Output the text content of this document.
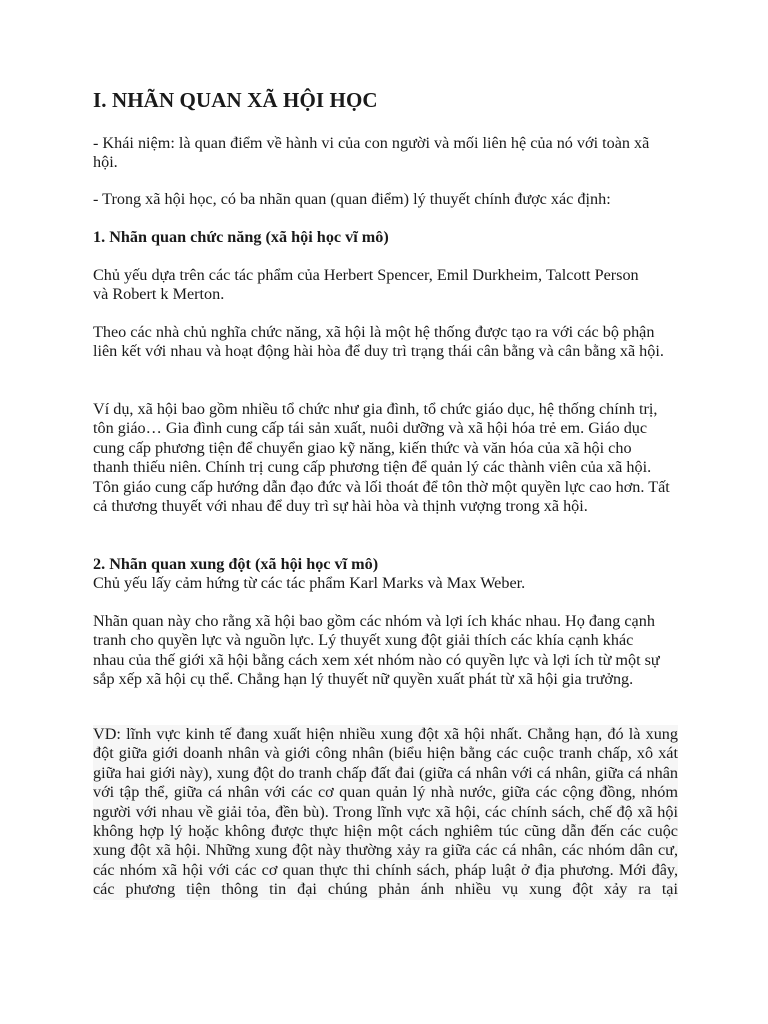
I. NHÃN QUAN XÃ HỘI HỌC

- Khái niệm: là quan điểm về hành vi của con người và mối liên hệ của nó với toàn xã hội.

- Trong xã hội học, có ba nhãn quan (quan điểm) lý thuyết chính được xác định:

1. Nhãn quan chức năng (xã hội học vĩ mô)

Chủ yếu dựa trên các tác phẩm của Herbert Spencer, Emil Durkheim, Talcott Person và Robert k Merton.

Theo các nhà chủ nghĩa chức năng, xã hội là một hệ thống được tạo ra với các bộ phận liên kết với nhau và hoạt động hài hòa để duy trì trạng thái cân bằng và cân bằng xã hội.

Ví dụ, xã hội bao gồm nhiều tổ chức như gia đình, tổ chức giáo dục, hệ thống chính trị, tôn giáo… Gia đình cung cấp tái sản xuất, nuôi dưỡng và xã hội hóa trẻ em. Giáo dục cung cấp phương tiện để chuyển giao kỹ năng, kiến thức và văn hóa của xã hội cho thanh thiếu niên. Chính trị cung cấp phương tiện để quản lý các thành viên của xã hội. Tôn giáo cung cấp hướng dẫn đạo đức và lối thoát để tôn thờ một quyền lực cao hơn. Tất cả thương thuyết với nhau để duy trì sự hài hòa và thịnh vượng trong xã hội.

2. Nhãn quan xung đột (xã hội học vĩ mô)

Chủ yếu lấy cảm hứng từ các tác phẩm Karl Marks và Max Weber.

Nhãn quan này cho rằng xã hội bao gồm các nhóm và lợi ích khác nhau. Họ đang cạnh tranh cho quyền lực và nguồn lực. Lý thuyết xung đột giải thích các khía cạnh khác nhau của thế giới xã hội bằng cách xem xét nhóm nào có quyền lực và lợi ích từ một sự sắp xếp xã hội cụ thể. Chẳng hạn lý thuyết nữ quyền xuất phát từ xã hội gia trưởng.

VD: lĩnh vực kinh tế đang xuất hiện nhiều xung đột xã hội nhất. Chẳng hạn, đó là xung đột giữa giới doanh nhân và giới công nhân (biểu hiện bằng các cuộc tranh chấp, xô xát giữa hai giới này), xung đột do tranh chấp đất đai (giữa cá nhân với cá nhân, giữa cá nhân với tập thể, giữa cá nhân với các cơ quan quản lý nhà nước, giữa các cộng đồng, nhóm người với nhau về giải tỏa, đền bù). Trong lĩnh vực xã hội, các chính sách, chế độ xã hội không hợp lý hoặc không được thực hiện một cách nghiêm túc cũng dẫn đến các cuộc xung đột xã hội. Những xung đột này thường xảy ra giữa các cá nhân, các nhóm dân cư, các nhóm xã hội với các cơ quan thực thi chính sách, pháp luật ở địa phương. Mới đây, các phương tiện thông tin đại chúng phản ánh nhiều vụ xung đột xảy ra tại
